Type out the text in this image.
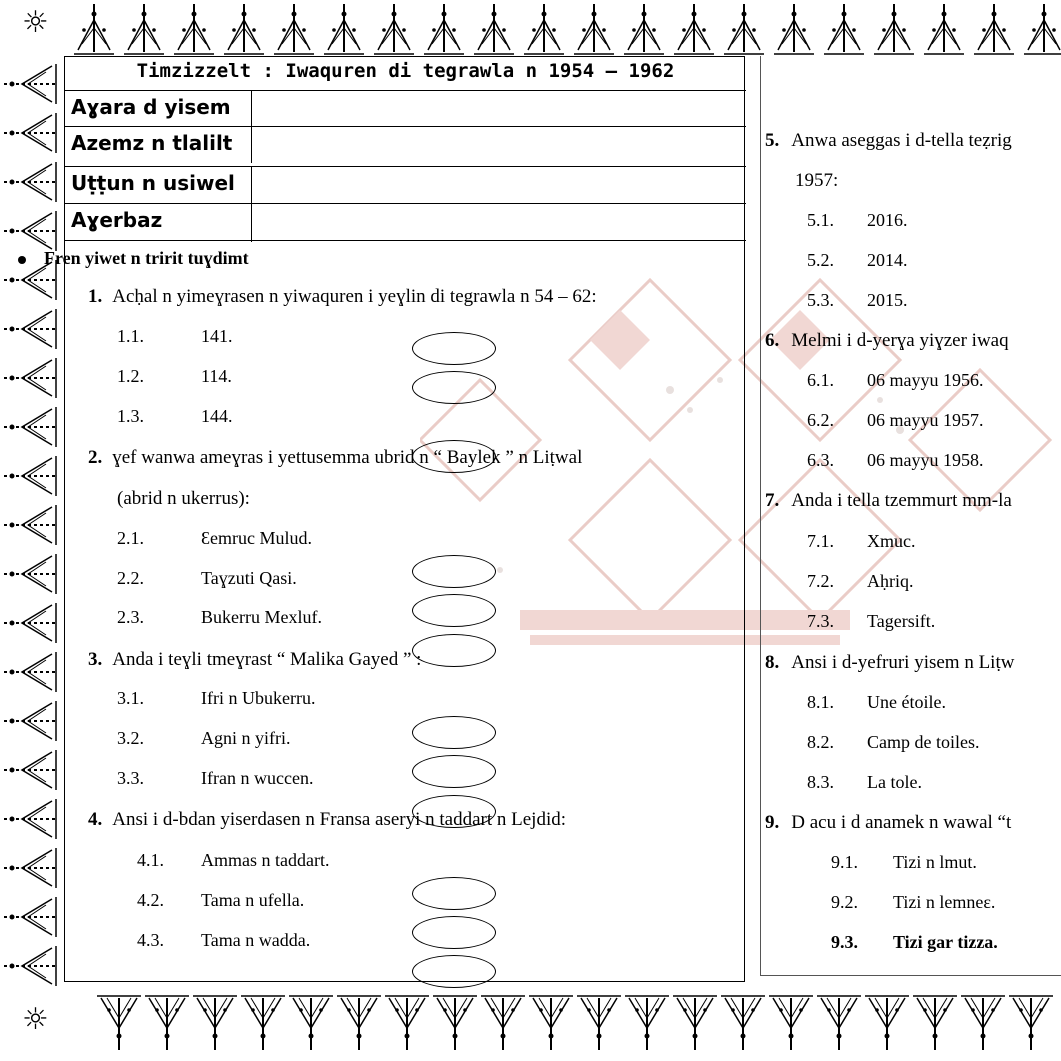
☼
☼
Timzizzelt : Iwaquren di tegrawla n 1954 – 1962
Aɣara d yisem
Azemz n tlalilt
Uṭṭun n usiwel
Aɣerbaz
Fren yiwet n tririt tuɣdimt
1. Acḥal n yimeɣrasen n yiwaquren i yeɣlin di tegrawla n 54 – 62:
1.1.	141.
1.2.	114.
1.3.	144.
2. ɣef wanwa ameɣras i yettusemma ubrid n “ Baylek ” n Liṭwal
(abrid n ukerrus):
2.1.	Ɛemruc Mulud.
2.2.	Taɣzuti Qasi.
2.3.	Bukerru Mexluf.
3. Anda i teɣli tmeɣrast “ Malika Gayed ” :
3.1.	Ifri n Ubukerru.
3.2.	Agni n yifri.
3.3.	Ifran n wuccen.
4. Ansi i d-bdan yiserdasen n Fransa aseryi n taddart n Lejdid:
4.1. Ammas n taddart.
4.2. Tama n ufella.
4.3. Tama n wadda.
5. Anwa aseggas i d-tella teẓrig
1957:
5.1. 2016.
5.2. 2014.
5.3. 2015.
6. Melmi i d-yerɣa yiɣzer iwaq
6.1. 06 mayyu 1956.
6.2. 06 mayyu 1957.
6.3. 06 mayyu 1958.
7. Anda i tella tzemmurt mm-la
7.1. Xmuc.
7.2. Aḥriq.
7.3. Tagersift.
8. Ansi i d-yefruri yisem n Liṭw
8.1. Une étoile.
8.2. Camp de toiles.
8.3. La tole.
9. D acu i d anamek n wawal “t
9.1. Tizi n lmut.
9.2. Tizi n lemneɛ.
9.3. Tizi gar tizza.
